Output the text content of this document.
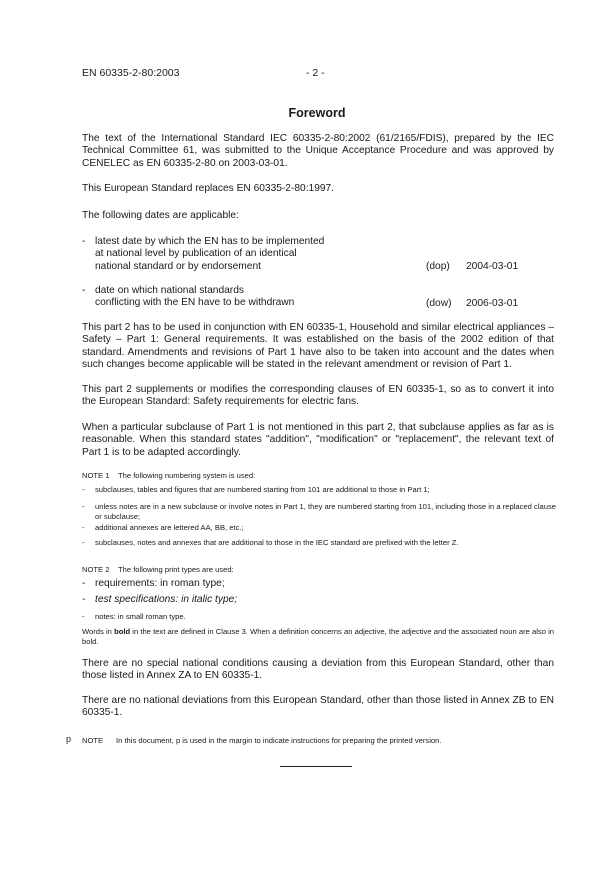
EN 60335-2-80:2003	- 2 -
Foreword

The text of the International Standard IEC 60335-2-80:2002 (61/2165/FDIS), prepared by the IEC Technical Committee 61, was submitted to the Unique Acceptance Procedure and was approved by CENELEC as EN 60335-2-80 on 2003-03-01.

This European Standard replaces EN 60335-2-80:1997.

The following dates are applicable:

- latest date by which the EN has to be implemented
at national level by publication of an identical
national standard or by endorsement	(dop) 2004-03-01
- date on which national standards
conflicting with the EN have to be withdrawn	(dow) 2006-03-01

This part 2 has to be used in conjunction with EN 60335-1, Household and similar electrical appliances – Safety – Part 1: General requirements. It was established on the basis of the 2002 edition of that standard. Amendments and revisions of Part 1 have also to be taken into account and the dates when such changes become applicable will be stated in the relevant amendment or revision of Part 1.

This part 2 supplements or modifies the corresponding clauses of EN 60335-1, so as to convert it into the European Standard: Safety requirements for electric fans.

When a particular subclause of Part 1 is not mentioned in this part 2, that subclause applies as far as is reasonable. When this standard states "addition", "modification" or "replacement", the relevant text of Part 1 is to be adapted accordingly.

NOTE 1 The following numbering system is used:
- subclauses, tables and figures that are numbered starting from 101 are additional to those in Part 1;
- unless notes are in a new subclause or involve notes in Part 1, they are numbered starting from 101, including those in a replaced clause or subclause;
- additional annexes are lettered AA, BB, etc.;
- subclauses, notes and annexes that are additional to those in the IEC standard are prefixed with the letter Z.
NOTE 2 The following print types are used:
- requirements: in roman type;
- test specifications: in italic type;
- notes: in small roman type.
Words in bold in the text are defined in Clause 3. When a definition concerns an adjective, the adjective and the associated noun are also in bold.

There are no special national conditions causing a deviation from this European Standard, other than those listed in Annex ZA to EN 60335-1.

There are no national deviations from this European Standard, other than those listed in Annex ZB to EN 60335-1.

p NOTE In this document, p is used in the margin to indicate instructions for preparing the printed version.
